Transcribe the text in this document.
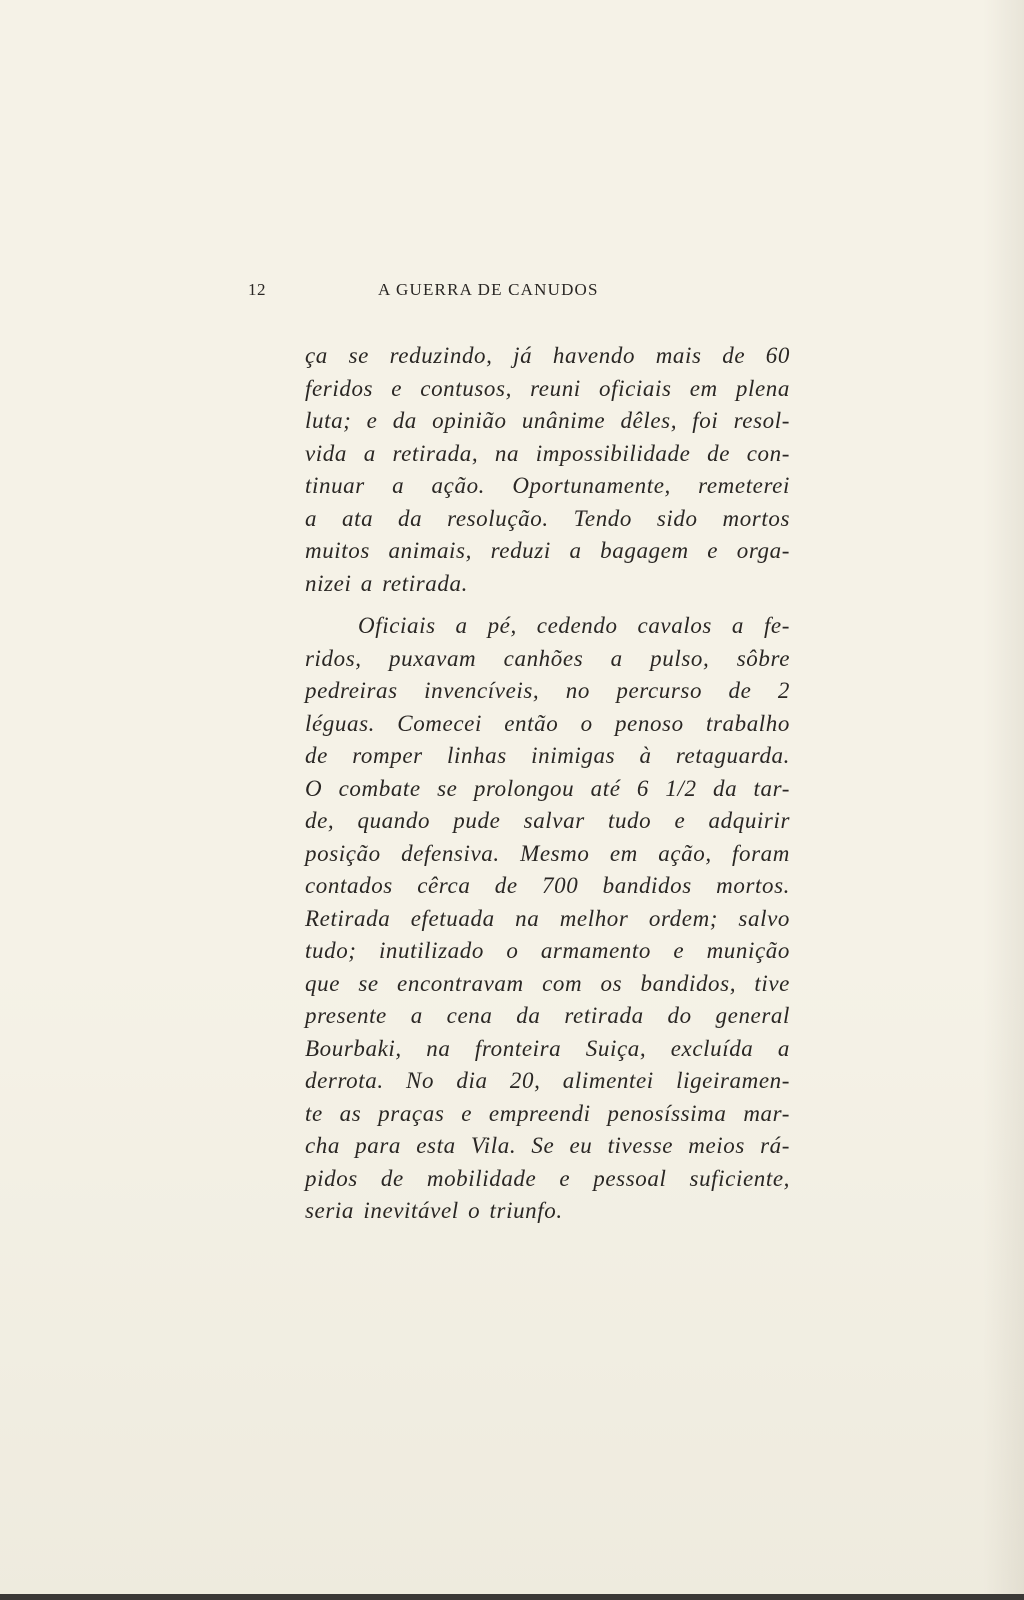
12	A GUERRA DE CANUDOS

ça se reduzindo, já havendo mais de 60
feridos e contusos, reuni oficiais em plena
luta; e da opinião unânime dêles, foi resol-
vida a retirada, na impossibilidade de con-
tinuar a ação. Oportunamente, remeterei
a ata da resolução. Tendo sido mortos
muitos animais, reduzi a bagagem e orga-
nizei a retirada.

Oficiais a pé, cedendo cavalos a fe-
ridos, puxavam canhões a pulso, sôbre
pedreiras invencíveis, no percurso de 2
léguas. Comecei então o penoso trabalho
de romper linhas inimigas à retaguarda.
O combate se prolongou até 6 1/2 da tar-
de, quando pude salvar tudo e adquirir
posição defensiva. Mesmo em ação, foram
contados cêrca de 700 bandidos mortos.
Retirada efetuada na melhor ordem; salvo
tudo; inutilizado o armamento e munição
que se encontravam com os bandidos, tive
presente a cena da retirada do general
Bourbaki, na fronteira Suiça, excluída a
derrota. No dia 20, alimentei ligeiramen-
te as praças e empreendi penosíssima mar-
cha para esta Vila. Se eu tivesse meios rá-
pidos de mobilidade e pessoal suficiente,
seria inevitável o triunfo.
